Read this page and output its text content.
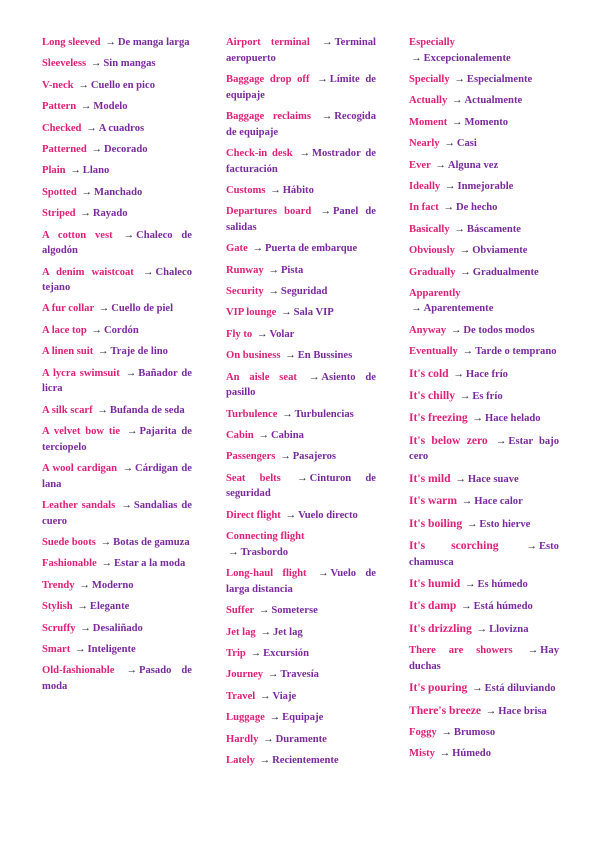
Long sleeved → De manga larga
Sleeveless → Sin mangas
V-neck → Cuello en pico
Pattern → Modelo
Checked → A cuadros
Patterned → Decorado
Plain → Llano
Spotted → Manchado
Striped → Rayado
A cotton vest → Chaleco de algodón
A denim waistcoat → Chaleco tejano
A fur collar → Cuello de piel
A lace top → Cordón
A linen suit → Traje de lino
A lycra swimsuit → Bañador de licra
A silk scarf → Bufanda de seda
A velvet bow tie → Pajarita de terciopelo
A wool cardigan → Cárdigan de lana
Leather sandals → Sandalias de cuero
Suede boots → Botas de gamuza
Fashionable → Estar a la moda
Trendy → Moderno
Stylish → Elegante
Scruffy → Desaliñado
Smart → Inteligente
Old-fashionable → Pasado de moda
Airport terminal → Terminal aeropuerto
Baggage drop off → Límite de equipaje
Baggage reclaims → Recogida de equipaje
Check-in desk → Mostrador de facturación
Customs → Hábito
Departures board → Panel de salidas
Gate → Puerta de embarque
Runway → Pista
Security → Seguridad
VIP lounge → Sala VIP
Fly to → Volar
On business → En Bussines
An aisle seat → Asiento de pasillo
Turbulence → Turbulencias
Cabin → Cabina
Passengers → Pasajeros
Seat belts → Cinturon de seguridad
Direct flight → Vuelo directo
Connecting flight
→ Trasbordo
Long-haul flight → Vuelo de larga distancia
Suffer → Someterse
Jet lag → Jet lag
Trip → Excursión
Journey → Travesía
Travel → Viaje
Luggage → Equipaje
Hardly → Duramente
Lately → Recientemente
Especially
→ Excepcionalemente
Specially → Especialmente
Actually → Actualmente
Moment → Momento
Nearly → Casi
Ever → Alguna vez
Ideally → Inmejorable
In fact → De hecho
Basically → Báscamente
Obviously → Obviamente
Gradually → Gradualmente
Apparently
→ Aparentemente
Anyway → De todos modos
Eventually → Tarde o temprano
It's cold → Hace frío
It's chilly → Es frío
It's freezing → Hace helado
It's below zero → Estar bajo cero
It's mild → Hace suave
It's warm → Hace calor
It's boiling → Esto hierve
It's scorching	→ Esto chamusca
It's humid → Es húmedo
It's damp → Está húmedo
It's drizzling → Llovizna
There are showers → Hay duchas
It's pouring → Está diluviando
There's breeze → Hace brisa
Foggy → Brumoso
Misty → Húmedo
